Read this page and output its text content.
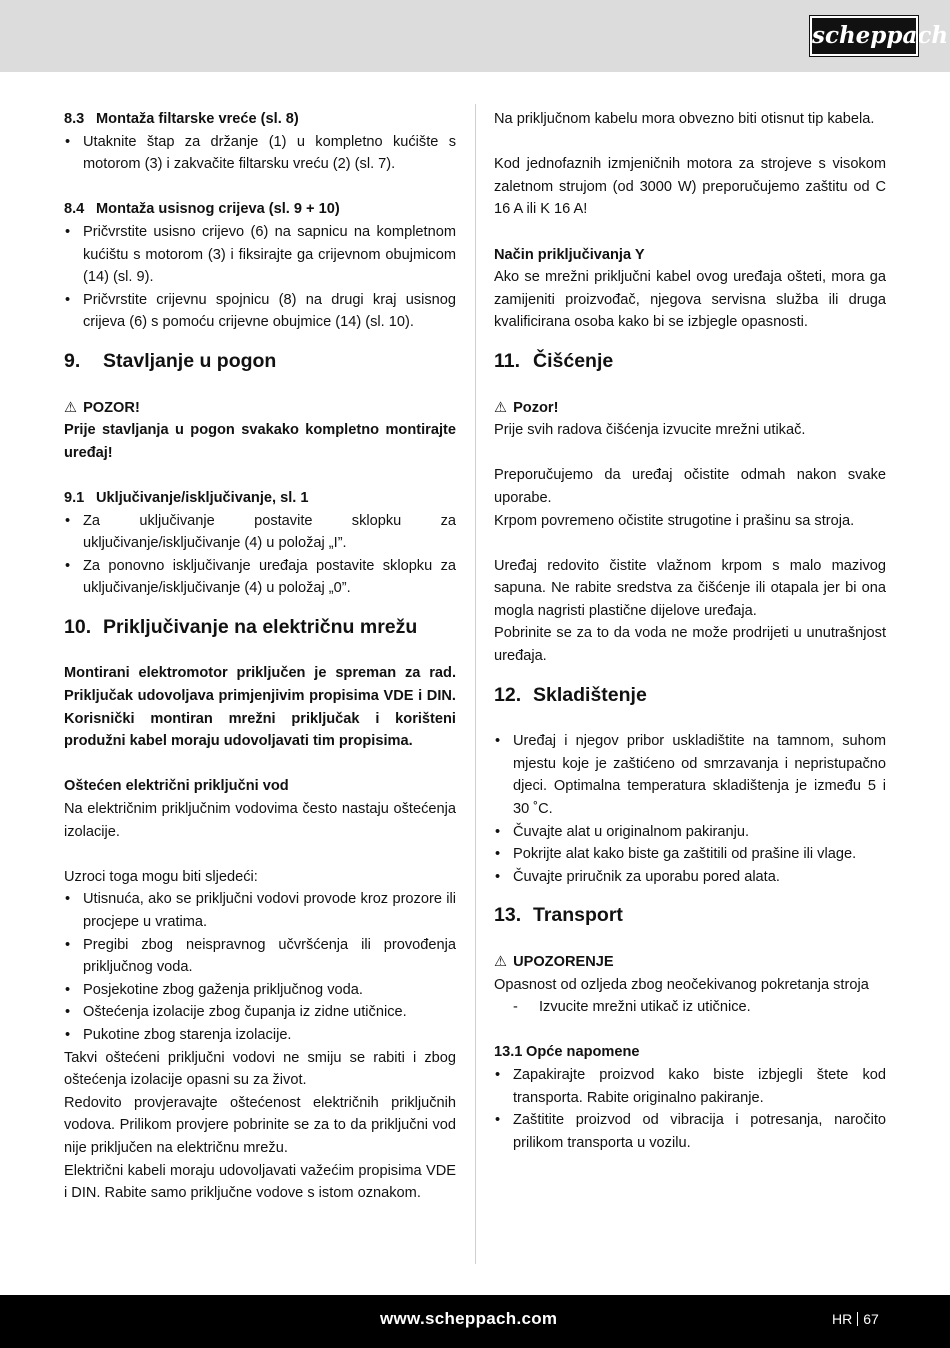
scheppach

8.3 Montaža filtarske vreće (sl. 8)

• Utaknite štap za držanje (1) u kompletno kućište s motorom (3) i zakvačite filtarsku vreću (2) (sl. 7).

8.4 Montaža usisnog crijeva (sl. 9 + 10)

• Pričvrstite usisno crijevo (6) na sapnicu na kompletnom kućištu s motorom (3) i fiksirajte ga crijevnom obujmicom (14) (sl. 9).
• Pričvrstite crijevnu spojnicu (8) na drugi kraj usisnog crijeva (6) s pomoću crijevne obujmice (14) (sl. 10).

9. Stavljanje u pogon

⚠ POZOR!

Prije stavljanja u pogon svakako kompletno montirajte uređaj!

9.1 Uključivanje/isključivanje, sl. 1

• Za uključivanje postavite sklopku za uključivanje/isključivanje (4) u položaj „I”.
• Za ponovno isključivanje uređaja postavite sklopku za uključivanje/isključivanje (4) u položaj „0”.

10. Priključivanje na električnu mrežu

Montirani elektromotor priključen je spreman za rad. Priključak udovoljava primjenjivim propisima VDE i DIN. Korisnički montiran mrežni priključak i korišteni produžni kabel moraju udovoljavati tim propisima.

Oštećen električni priključni vod

Na električnim priključnim vodovima često nastaju oštećenja izolacije.

Uzroci toga mogu biti sljedeći:

• Utisnuća, ako se priključni vodovi provode kroz prozore ili procjepe u vratima.
• Pregibi zbog neispravnog učvršćenja ili provođenja priključnog voda.
• Posjekotine zbog gaženja priključnog voda.
• Oštećenja izolacije zbog čupanja iz zidne utičnice.
• Pukotine zbog starenja izolacije.

Takvi oštećeni priključni vodovi ne smiju se rabiti i zbog oštećenja izolacije opasni su za život.

Redovito provjeravajte oštećenost električnih priključnih vodova. Prilikom provjere pobrinite se za to da priključni vod nije priključen na električnu mrežu.

Električni kabeli moraju udovoljavati važećim propisima VDE i DIN. Rabite samo priključne vodove s istom oznakom.

Na priključnom kabelu mora obvezno biti otisnut tip kabela.

Kod jednofaznih izmjeničnih motora za strojeve s visokom zaletnom strujom (od 3000 W) preporučujemo zaštitu od C 16 A ili K 16 A!

Način priključivanja Y

Ako se mrežni priključni kabel ovog uređaja ošteti, mora ga zamijeniti proizvođač, njegova servisna služba ili druga kvalificirana osoba kako bi se izbjegle opasnosti.

11. Čišćenje

⚠ Pozor!

Prije svih radova čišćenja izvucite mrežni utikač.

Preporučujemo da uređaj očistite odmah nakon svake uporabe.

Krpom povremeno očistite strugotine i prašinu sa stroja.

Uređaj redovito čistite vlažnom krpom s malo mazivog sapuna. Ne rabite sredstva za čišćenje ili otapala jer bi ona mogla nagristi plastične dijelove uređaja.

Pobrinite se za to da voda ne može prodrijeti u unutrašnjost uređaja.

12. Skladištenje

• Uređaj i njegov pribor uskladištite na tamnom, suhom mjestu koje je zaštićeno od smrzavanja i nepristupačno djeci. Optimalna temperatura skladištenja je između 5 i 30 ˚C.
• Čuvajte alat u originalnom pakiranju.
• Pokrijte alat kako biste ga zaštitili od prašine ili vlage.
• Čuvajte priručnik za uporabu pored alata.

13. Transport

⚠ UPOZORENJE

Opasnost od ozljeda zbog neočekivanog pokretanja stroja

- Izvucite mrežni utikač iz utičnice.

13.1 Opće napomene

• Zapakirajte proizvod kako biste izbjegli štete kod transporta. Rabite originalno pakiranje.
• Zaštitite proizvod od vibracija i potresanja, naročito prilikom transporta u vozilu.
www.scheppach.com	HR 67
